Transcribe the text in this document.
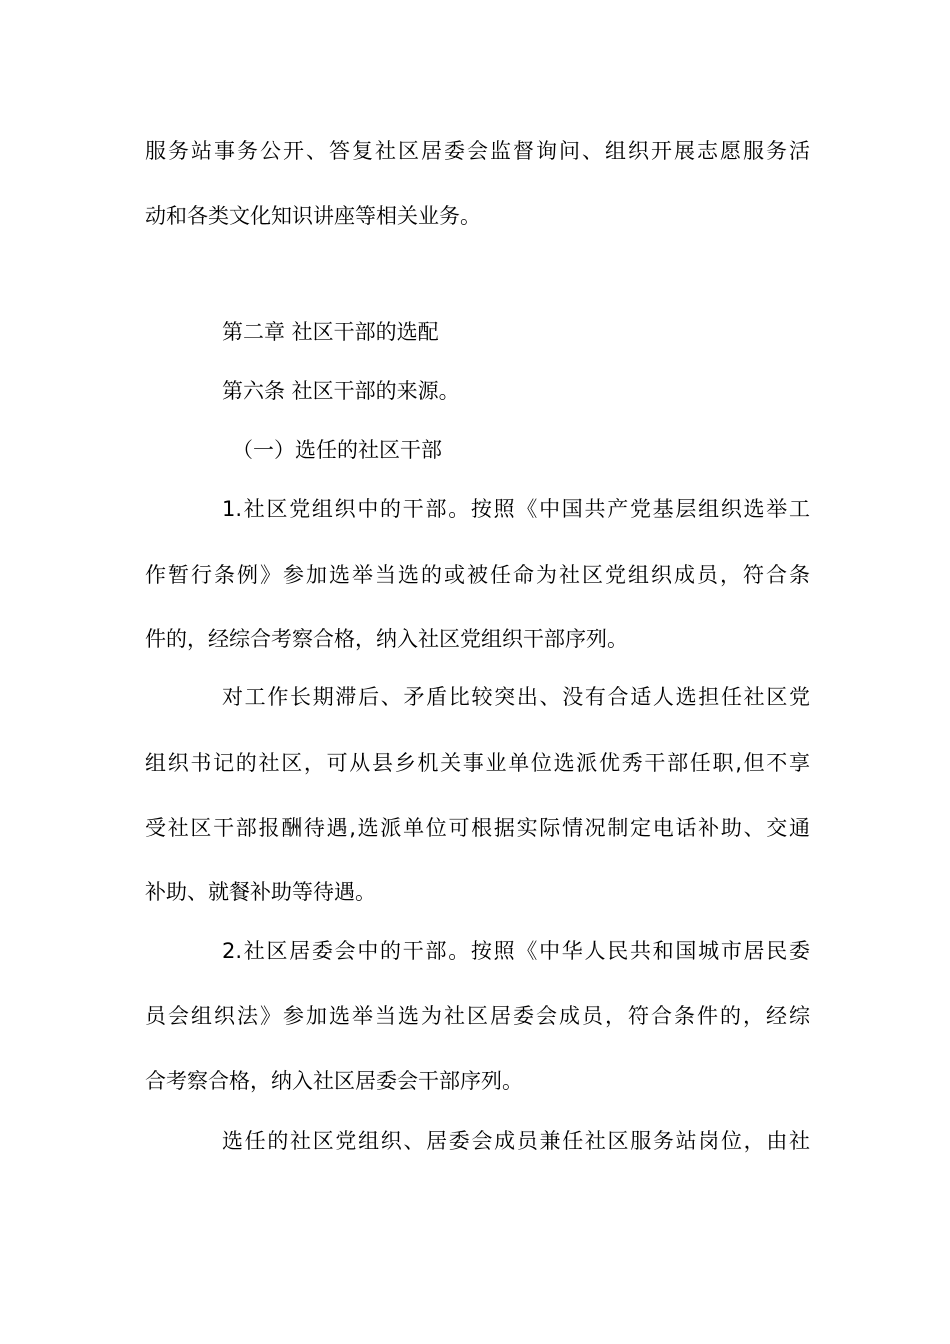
服务站事务公开、答复社区居委会监督询问、组织开展志愿服务活
动和各类文化知识讲座等相关业务。
第二章 社区干部的选配
第六条 社区干部的来源。
（一）选任的社区干部
1.社区党组织中的干部。按照《中国共产党基层组织选举工
作暂行条例》参加选举当选的或被任命为社区党组织成员，符合条
件的，经综合考察合格，纳入社区党组织干部序列。
对工作长期滞后、矛盾比较突出、没有合适人选担任社区党
组织书记的社区，可从县乡机关事业单位选派优秀干部任职,但不享
受社区干部报酬待遇,选派单位可根据实际情况制定电话补助、交通
补助、就餐补助等待遇。
2.社区居委会中的干部。按照《中华人民共和国城市居民委
员会组织法》参加选举当选为社区居委会成员，符合条件的，经综
合考察合格，纳入社区居委会干部序列。
选任的社区党组织、居委会成员兼任社区服务站岗位，由社
